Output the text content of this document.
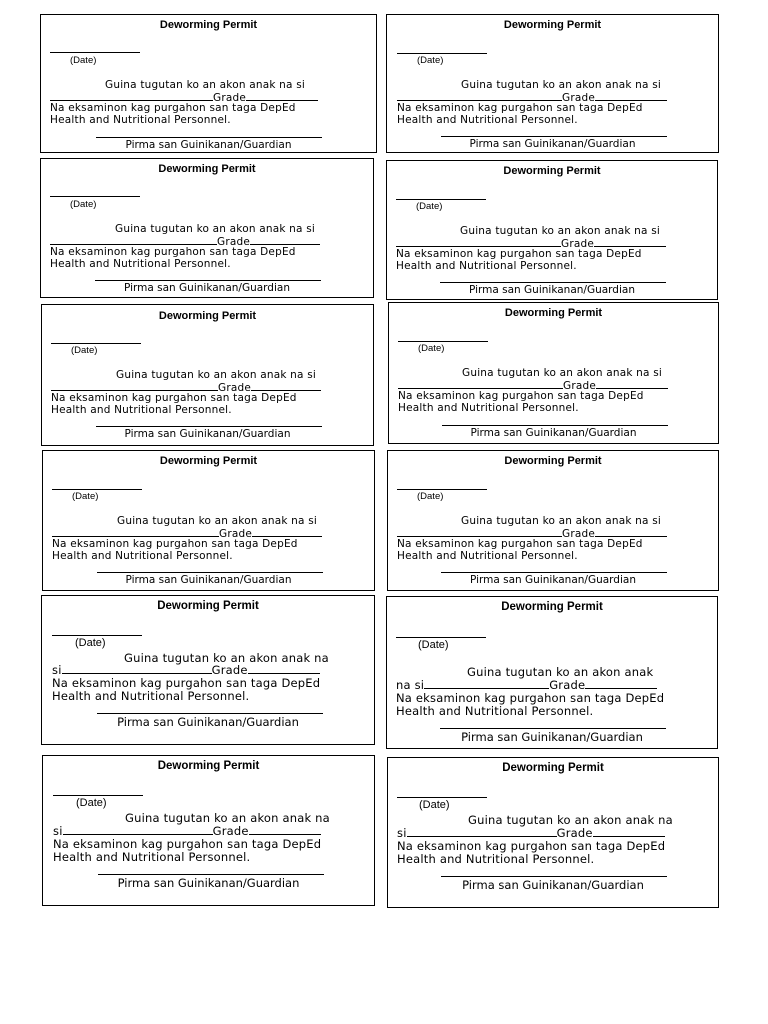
Deworming Permit
(Date)
Guina tugutan ko an akon anak na si
Grade
Na eksaminon kag purgahon san taga DepEd
Health and Nutritional Personnel.
Pirma san Guinikanan/Guardian
Deworming Permit
(Date)
Guina tugutan ko an akon anak na si
Grade
Na eksaminon kag purgahon san taga DepEd
Health and Nutritional Personnel.
Pirma san Guinikanan/Guardian
Deworming Permit
(Date)
Guina tugutan ko an akon anak na si
Grade
Na eksaminon kag purgahon san taga DepEd
Health and Nutritional Personnel.
Pirma san Guinikanan/Guardian
Deworming Permit
(Date)
Guina tugutan ko an akon anak na si
Grade
Na eksaminon kag purgahon san taga DepEd
Health and Nutritional Personnel.
Pirma san Guinikanan/Guardian
Deworming Permit
(Date)
Guina tugutan ko an akon anak na si
Grade
Na eksaminon kag purgahon san taga DepEd
Health and Nutritional Personnel.
Pirma san Guinikanan/Guardian
Deworming Permit
(Date)
Guina tugutan ko an akon anak na si
Grade
Na eksaminon kag purgahon san taga DepEd
Health and Nutritional Personnel.
Pirma san Guinikanan/Guardian
Deworming Permit
(Date)
Guina tugutan ko an akon anak na si
Grade
Na eksaminon kag purgahon san taga DepEd
Health and Nutritional Personnel.
Pirma san Guinikanan/Guardian
Deworming Permit
(Date)
Guina tugutan ko an akon anak na si
Grade
Na eksaminon kag purgahon san taga DepEd
Health and Nutritional Personnel.
Pirma san Guinikanan/Guardian
Deworming Permit
(Date)
Guina tugutan ko an akon anak na
si	Grade
Na eksaminon kag purgahon san taga DepEd
Health and Nutritional Personnel.
Pirma san Guinikanan/Guardian
Deworming Permit
(Date)
Guina tugutan ko an akon anak
na si	Grade
Na eksaminon kag purgahon san taga DepEd
Health and Nutritional Personnel.
Pirma san Guinikanan/Guardian
Deworming Permit
(Date)
Guina tugutan ko an akon anak na
si	Grade
Na eksaminon kag purgahon san taga DepEd
Health and Nutritional Personnel.
Pirma san Guinikanan/Guardian
Deworming Permit
(Date)
Guina tugutan ko an akon anak na
si	Grade
Na eksaminon kag purgahon san taga DepEd
Health and Nutritional Personnel.
Pirma san Guinikanan/Guardian
